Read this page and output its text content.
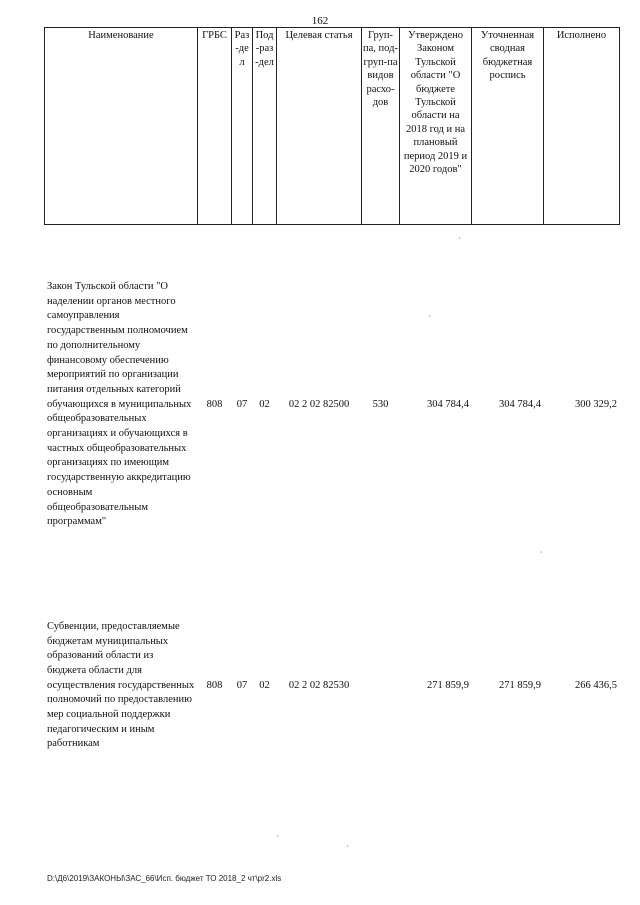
162
Наименование	ГРБС	Раз-дел	Под-раз-дел	Целевая статья	Груп-па, под-груп-па видов расхо-дов	Утверждено Законом Тульской области "О бюджете Тульской области на 2018 год и на плановый период 2019 и 2020 годов"	Уточненная сводная бюджетная роспись	Исполнено

Закон Тульской области "О наделении органов местного самоуправления государственным полномочием по дополнительному финансовому обеспечению мероприятий по организации питания отдельных категорий обучающихся в муниципальных общеобразовательных организациях и обучающихся в частных общеобразовательных организациях по имеющим государственную аккредитацию основным общеобразовательным программам"	808	07	02	02 2 02 82500	530	304 784,4	304 784,4	300 329,2

Субвенции, предоставляемые бюджетам муниципальных образований области из бюджета области для осуществления государственных полномочий по предоставлению мер социальной поддержки педагогическим и иным работникам	808	07	02	02 2 02 82530		271 859,9	271 859,9	266 436,5
·
·
·
·
·
D:\Д6\2019\ЗАКОНЫ\ЗАС_66\Исп. бюджет ТО 2018_2 чт\pr2.xls
